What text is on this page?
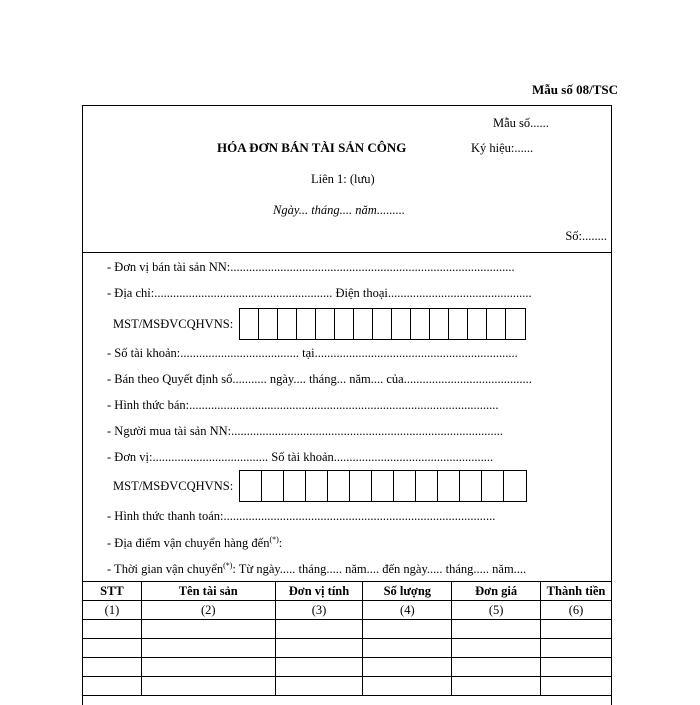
Mẫu số 08/TSC
Mẫu số......
HÓA ĐƠN BÁN TÀI SẢN CÔNG	Ký hiệu:......
Liên 1: (lưu)
Ngày... tháng.... năm.........
Số:........
- Đơn vị bán tài sản NN:...........................................................................................
- Địa chỉ:......................................................... Điện thoại..............................................
MST/MSĐVCQHVNS:
- Số tài khoản:...................................... tại.................................................................
- Bán theo Quyết định số........... ngày.... tháng... năm.... của.........................................
- Hình thức bán:...................................................................................................
- Người mua tài sản NN:.......................................................................................
- Đơn vị:..................................... Số tài khoản...................................................
MST/MSĐVCQHVNS:
- Hình thức thanh toán:.......................................................................................
- Địa điểm vận chuyển hàng đến(*):
- Thời gian vận chuyển(*): Từ ngày..... tháng..... năm.... đến ngày..... tháng..... năm....
STT	Tên tài sản	Đơn vị tính	Số lượng	Đơn giá	Thành tiền
(1)	(2)	(3)	(4)	(5)	(6)
